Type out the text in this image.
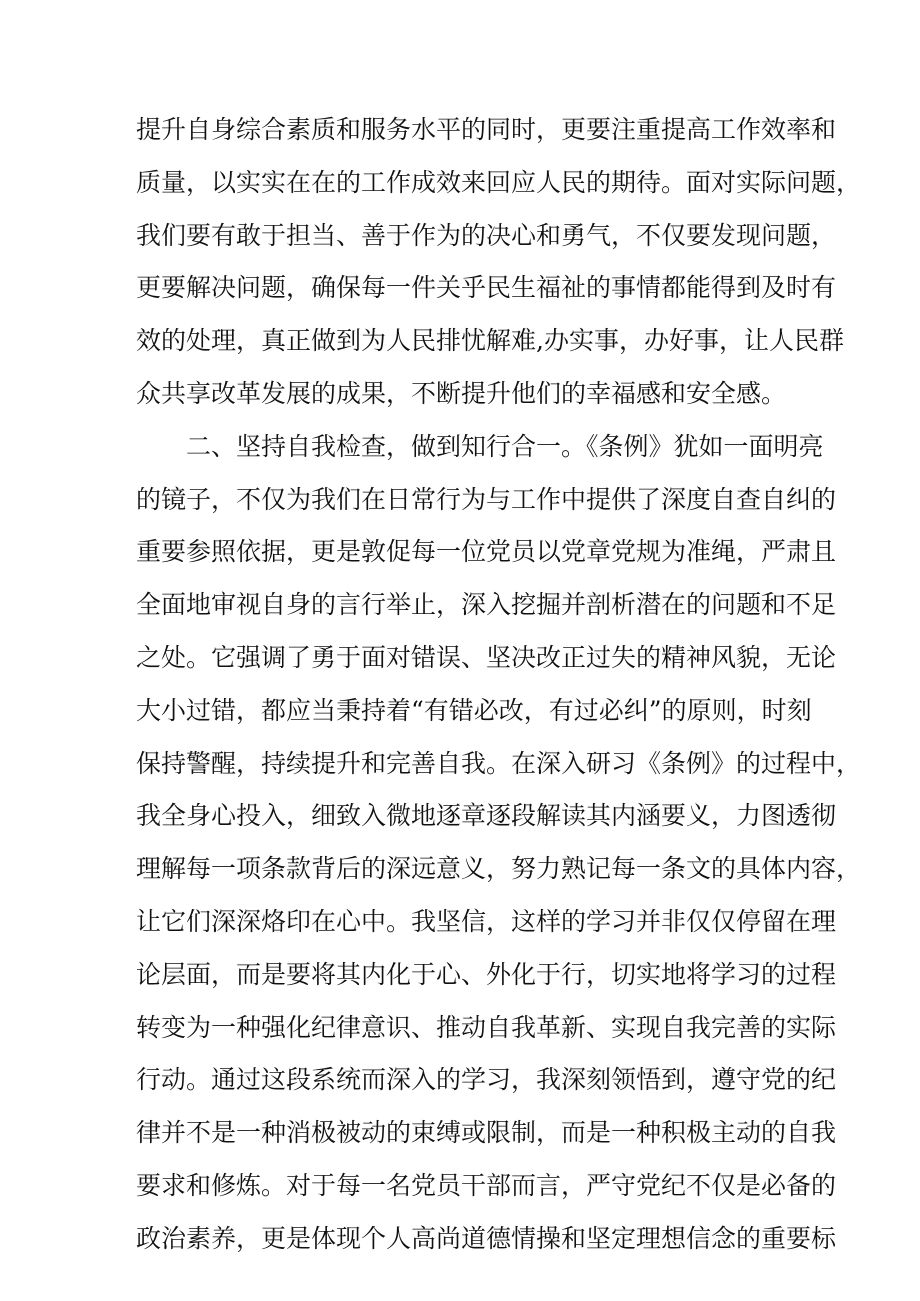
提升自身综合素质和服务水平的同时，更要注重提高工作效率和
质量，以实实在在的工作成效来回应人民的期待。面对实际问题，
我们要有敢于担当、善于作为的决心和勇气，不仅要发现问题，
更要解决问题，确保每一件关乎民生福祉的事情都能得到及时有
效的处理，真正做到为人民排忧解难,办实事，办好事，让人民群
众共享改革发展的成果，不断提升他们的幸福感和安全感。
二、坚持自我检查，做到知行合一。《条例》犹如一面明亮
的镜子，不仅为我们在日常行为与工作中提供了深度自查自纠的
重要参照依据，更是敦促每一位党员以党章党规为准绳，严肃且
全面地审视自身的言行举止，深入挖掘并剖析潜在的问题和不足
之处。它强调了勇于面对错误、坚决改正过失的精神风貌，无论
大小过错，都应当秉持着“有错必改，有过必纠”的原则，时刻
保持警醒，持续提升和完善自我。在深入研习《条例》的过程中，
我全身心投入，细致入微地逐章逐段解读其内涵要义，力图透彻
理解每一项条款背后的深远意义，努力熟记每一条文的具体内容，
让它们深深烙印在心中。我坚信，这样的学习并非仅仅停留在理
论层面，而是要将其内化于心、外化于行，切实地将学习的过程
转变为一种强化纪律意识、推动自我革新、实现自我完善的实际
行动。通过这段系统而深入的学习，我深刻领悟到，遵守党的纪
律并不是一种消极被动的束缚或限制，而是一种积极主动的自我
要求和修炼。对于每一名党员干部而言，严守党纪不仅是必备的
政治素养，更是体现个人高尚道德情操和坚定理想信念的重要标
